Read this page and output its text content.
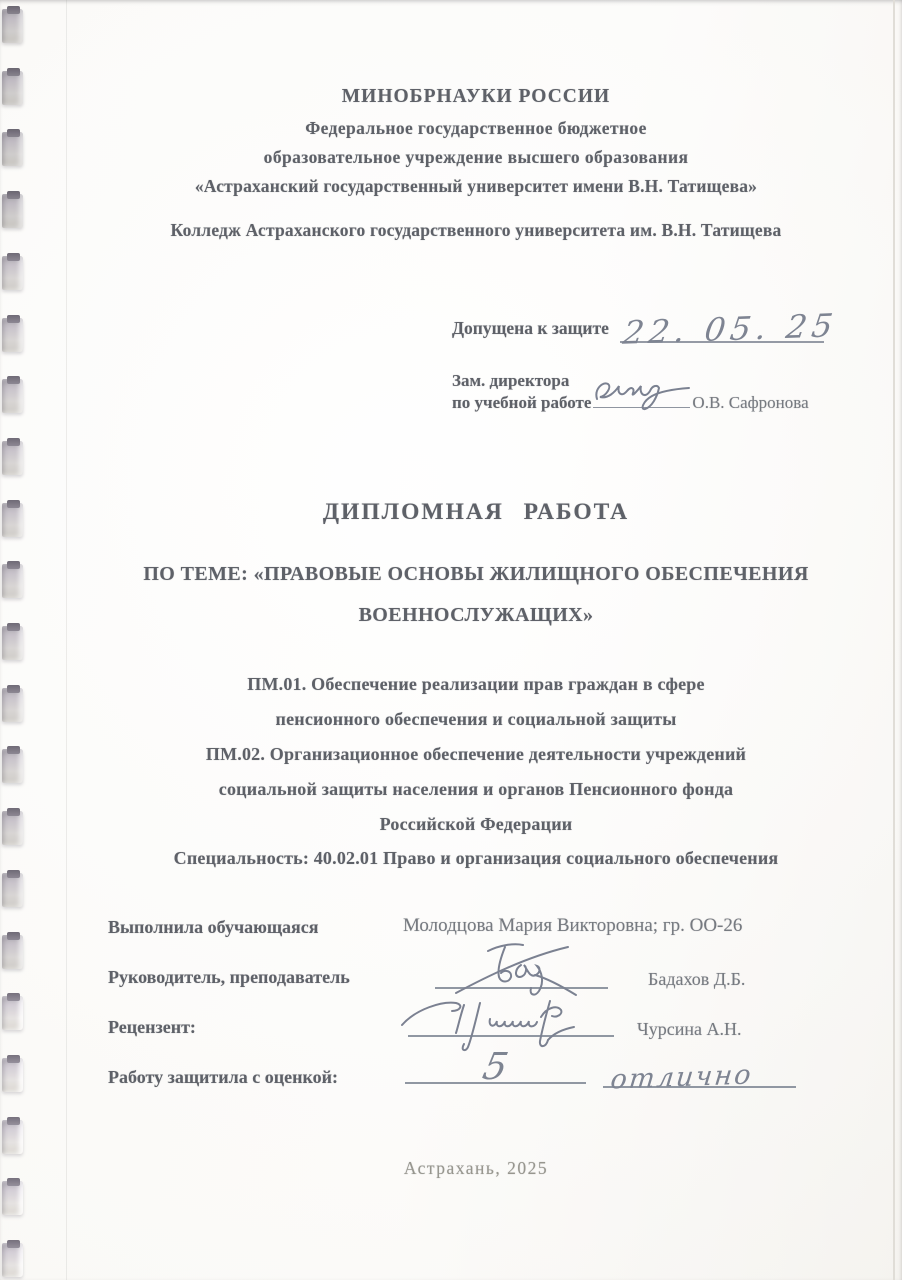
МИНОБРНАУКИ РОССИИ
Федеральное государственное бюджетное
образовательное учреждение высшего образования
«Астраханский государственный университет имени В.Н. Татищева»
Колледж Астраханского государственного университета им. В.Н. Татищева
Допущена к защите 22. 05. 25
Зам. директора
по учебной работе	О.В. Сафронова
ДИПЛОМНАЯ РАБОТА
ПО ТЕМЕ: «ПРАВОВЫЕ ОСНОВЫ ЖИЛИЩНОГО ОБЕСПЕЧЕНИЯ
ВОЕННОСЛУЖАЩИХ»
ПМ.01. Обеспечение реализации прав граждан в сфере
пенсионного обеспечения и социальной защиты
ПМ.02. Организационное обеспечение деятельности учреждений
социальной защиты населения и органов Пенсионного фонда
Российской Федерации
Специальность: 40.02.01 Право и организация социального обеспечения
Выполнила обучающаяся	Молодцова Мария Викторовна; гр. ОО-26
Руководитель, преподаватель	Бадахов Д.Б.
Рецензент:	Чурсина А.Н.
Работу защитила с оценкой:	5	отлично
Астрахань, 2025
